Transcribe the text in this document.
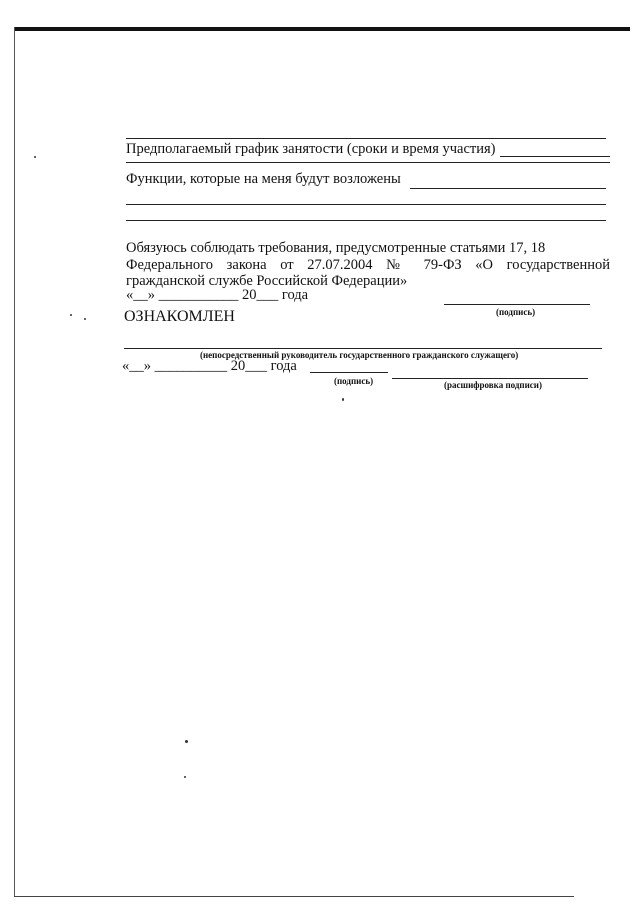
Предполагаемый график занятости (сроки и время участия)
Функции, которые на меня будут возложены
Обязуюсь соблюдать требования, предусмотренные статьями 17, 18
Федерального закона от 27.07.2004 № 79-ФЗ «О государственной
гражданской службе Российской Федерации»
«__» ___________ 20___ года
(подпись)
ОЗНАКОМЛЕН
(непосредственный руководитель государственного гражданского служащего)
«__» __________ 20___ года
(подпись)	(расшифровка подписи)
